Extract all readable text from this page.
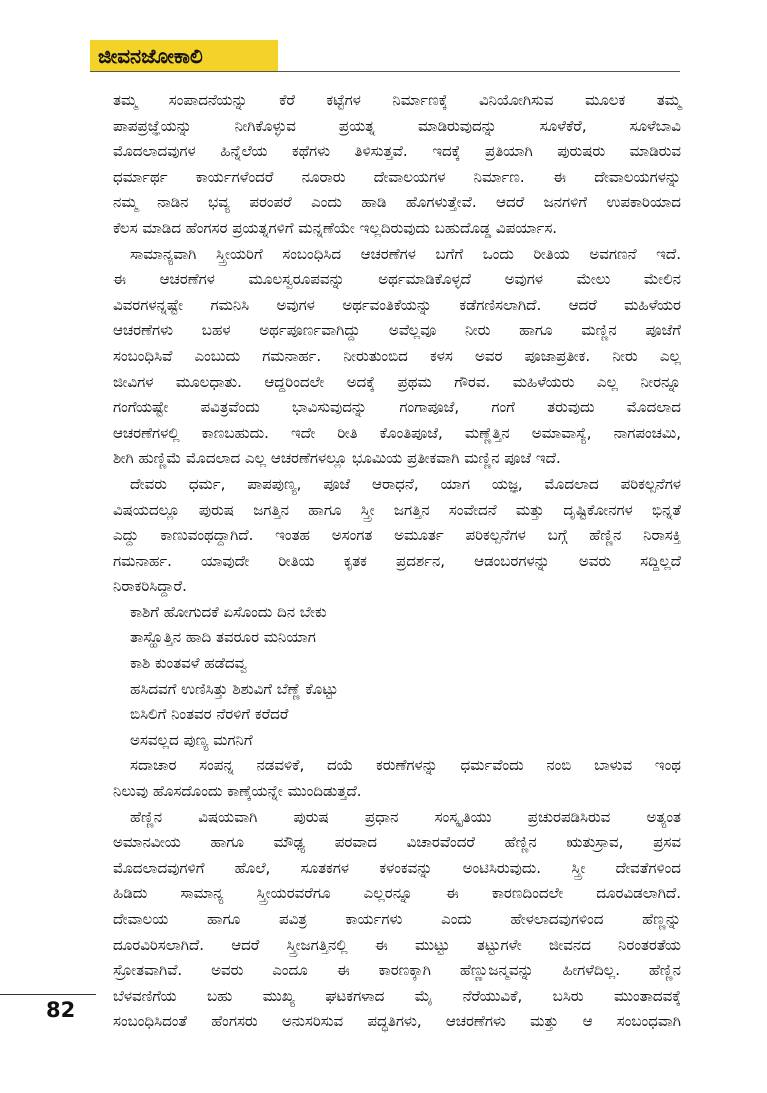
ಜೀವನಜೋಕಾಲಿ

ತಮ್ಮ ಸಂಪಾದನೆಯನ್ನು ಕೆರೆ ಕಟ್ಟೆಗಳ ನಿರ್ಮಾಣಕ್ಕೆ ವಿನಿಯೋಗಿಸುವ ಮೂಲಕ ತಮ್ಮ

ಪಾಪಪ್ರಜ್ಞೆಯನ್ನು ನೀಗಿಕೊಳ್ಳುವ ಪ್ರಯತ್ನ ಮಾಡಿರುವುದನ್ನು ಸೂಳೆಕೆರೆ, ಸೂಳೆಬಾವಿ

ಮೊದಲಾದವುಗಳ ಹಿನ್ನೆಲೆಯ ಕಥೆಗಳು ತಿಳಿಸುತ್ತವೆ. ಇದಕ್ಕೆ ಪ್ರತಿಯಾಗಿ ಪುರುಷರು ಮಾಡಿರುವ

ಧರ್ಮಾರ್ಥ ಕಾರ್ಯಗಳೆಂದರೆ ನೂರಾರು ದೇವಾಲಯಗಳ ನಿರ್ಮಾಣ. ಈ ದೇವಾಲಯಗಳನ್ನು

ನಮ್ಮ ನಾಡಿನ ಭವ್ಯ ಪರಂಪರೆ ಎಂದು ಹಾಡಿ ಹೊಗಳುತ್ತೇವೆ. ಆದರೆ ಜನಗಳಿಗೆ ಉಪಕಾರಿಯಾದ

ಕೆಲಸ ಮಾಡಿದ ಹೆಂಗಸರ ಪ್ರಯತ್ನಗಳಿಗೆ ಮನ್ನಣೆಯೇ ಇಲ್ಲದಿರುವುದು ಬಹುದೊಡ್ಡ ವಿಪರ್ಯಾಸ.

ಸಾಮಾನ್ಯವಾಗಿ ಸ್ತ್ರೀಯರಿಗೆ ಸಂಬಂಧಿಸಿದ ಆಚರಣೆಗಳ ಬಗೆಗೆ ಒಂದು ರೀತಿಯ ಅವಗಣನೆ ಇದೆ.

ಈ ಆಚರಣೆಗಳ ಮೂಲಸ್ವರೂಪವನ್ನು ಅರ್ಥಮಾಡಿಕೊಳ್ಳದೆ ಅವುಗಳ ಮೇಲು ಮೇಲಿನ

ವಿವರಗಳನ್ನಷ್ಟೇ ಗಮನಿಸಿ ಅವುಗಳ ಅರ್ಥವಂತಿಕೆಯನ್ನು ಕಡೆಗಣಿಸಲಾಗಿದೆ. ಆದರೆ ಮಹಿಳೆಯರ

ಆಚರಣೆಗಳು ಬಹಳ ಅರ್ಥಪೂರ್ಣವಾಗಿದ್ದು ಅವೆಲ್ಲವೂ ನೀರು ಹಾಗೂ ಮಣ್ಣಿನ ಪೂಜೆಗೆ

ಸಂಬಂಧಿಸಿವೆ ಎಂಬುದು ಗಮನಾರ್ಹ. ನೀರುತುಂಬಿದ ಕಳಸ ಅವರ ಪೂಜಾಪ್ರತೀಕ. ನೀರು ಎಲ್ಲ

ಜೀವಿಗಳ ಮೂಲಧಾತು. ಆದ್ದರಿಂದಲೇ ಅದಕ್ಕೆ ಪ್ರಥಮ ಗೌರವ. ಮಹಿಳೆಯರು ಎಲ್ಲ ನೀರನ್ನೂ

ಗಂಗೆಯಷ್ಟೇ ಪವಿತ್ರವೆಂದು ಭಾವಿಸುವುದನ್ನು ಗಂಗಾಪೂಜೆ, ಗಂಗೆ ತರುವುದು ಮೊದಲಾದ

ಆಚರಣೆಗಳಲ್ಲಿ ಕಾಣಬಹುದು. ಇದೇ ರೀತಿ ಕೊಂತಿಪೂಜೆ, ಮಣ್ಣೆತ್ತಿನ ಅಮಾವಾಸ್ಯೆ, ನಾಗಪಂಚಮಿ,

ಶೀಗಿ ಹುಣ್ಣಿಮೆ ಮೊದಲಾದ ಎಲ್ಲ ಆಚರಣೆಗಳಲ್ಲೂ ಭೂಮಿಯ ಪ್ರತೀಕವಾಗಿ ಮಣ್ಣಿನ ಪೂಜೆ ಇದೆ.

ದೇವರು ಧರ್ಮ, ಪಾಪಪುಣ್ಯ, ಪೂಜೆ ಆರಾಧನೆ, ಯಾಗ ಯಜ್ಞ, ಮೊದಲಾದ ಪರಿಕಲ್ಪನೆಗಳ

ವಿಷಯದಲ್ಲೂ ಪುರುಷ ಜಗತ್ತಿನ ಹಾಗೂ ಸ್ತ್ರೀ ಜಗತ್ತಿನ ಸಂವೇದನೆ ಮತ್ತು ದೃಷ್ಟಿಕೋನಗಳ ಭಿನ್ನತೆ

ಎದ್ದು ಕಾಣುವಂಥದ್ದಾಗಿದೆ. ಇಂತಹ ಅಸಂಗತ ಅಮೂರ್ತ ಪರಿಕಲ್ಪನೆಗಳ ಬಗ್ಗೆ ಹೆಣ್ಣಿನ ನಿರಾಸಕ್ತಿ

ಗಮನಾರ್ಹ. ಯಾವುದೇ ರೀತಿಯ ಕೃತಕ ಪ್ರದರ್ಶನ, ಆಡಂಬರಗಳನ್ನು ಅವರು ಸದ್ದಿಲ್ಲದೆ

ನಿರಾಕರಿಸಿದ್ದಾರೆ.

ಕಾಶಿಗೆ ಹೋಗುದಕೆ ಏಸೊಂದು ದಿನ ಬೇಕು

ತಾಸ್ಹೊತ್ತಿನ ಹಾದಿ ತವರೂರ ಮನಿಯಾಗ

ಕಾಶಿ ಕುಂತವಳೆ ಹಡೆದವ್ವ

ಹಸಿದವಗೆ ಉಣಿಸಿತ್ತು ಶಿಶುವಿಗೆ ಬೆಣ್ಣೆ ಕೊಟ್ಟು

ಬಿಸಿಲಿಗೆ ನಿಂತವರ ನೆರಳಿಗೆ ಕರೆದರೆ

ಅಸವಲ್ಲದ ಪುಣ್ಯ ಮಗನಿಗೆ

ಸದಾಚಾರ ಸಂಪನ್ನ ನಡವಳಿಕೆ, ದಯೆ ಕರುಣೆಗಳನ್ನು ಧರ್ಮವೆಂದು ನಂಬಿ ಬಾಳುವ ಇಂಥ

ನಿಲುವು ಹೊಸದೊಂದು ಕಾಣ್ಕೆಯನ್ನೇ ಮುಂದಿಡುತ್ತದೆ.

ಹೆಣ್ಣಿನ ವಿಷಯವಾಗಿ ಪುರುಷ ಪ್ರಧಾನ ಸಂಸ್ಕೃತಿಯು ಪ್ರಚುರಪಡಿಸಿರುವ ಅತ್ಯಂತ

ಅಮಾನವೀಯ ಹಾಗೂ ಮೌಢ್ಯ ಪರವಾದ ವಿಚಾರವೆಂದರೆ ಹೆಣ್ಣಿನ ಋತುಸ್ರಾವ, ಪ್ರಸವ

ಮೊದಲಾದವುಗಳಿಗೆ ಹೊಲೆ, ಸೂತಕಗಳ ಕಳಂಕವನ್ನು ಅಂಟಿಸಿರುವುದು. ಸ್ತ್ರೀ ದೇವತೆಗಳಿಂದ

ಹಿಡಿದು ಸಾಮಾನ್ಯ ಸ್ತ್ರೀಯರವರೆಗೂ ಎಲ್ಲರನ್ನೂ ಈ ಕಾರಣದಿಂದಲೇ ದೂರವಿಡಲಾಗಿದೆ.

ದೇವಾಲಯ ಹಾಗೂ ಪವಿತ್ರ ಕಾರ್ಯಗಳು ಎಂದು ಹೇಳಲಾದವುಗಳಿಂದ ಹೆಣ್ಣನ್ನು

ದೂರವಿರಿಸಲಾಗಿದೆ. ಆದರೆ ಸ್ತ್ರೀಜಗತ್ತಿನಲ್ಲಿ ಈ ಮುಟ್ಟು ತಟ್ಟುಗಳೇ ಜೀವನದ ನಿರಂತರತೆಯ

ಸ್ರೋತವಾಗಿವೆ. ಅವರು ಎಂದೂ ಈ ಕಾರಣಕ್ಕಾಗಿ ಹೆಣ್ಣುಜನ್ಮವನ್ನು ಹೀಗಳೆದಿಲ್ಲ. ಹೆಣ್ಣಿನ

ಬೆಳವಣಿಗೆಯ ಬಹು ಮುಖ್ಯ ಘಟಕಗಳಾದ ಮೈ ನೆರೆಯುವಿಕೆ, ಬಸಿರು ಮುಂತಾದವಕ್ಕೆ

ಸಂಬಂಧಿಸಿದಂತೆ ಹೆಂಗಸರು ಅನುಸರಿಸುವ ಪದ್ಧತಿಗಳು, ಆಚರಣೆಗಳು ಮತ್ತು ಆ ಸಂಬಂಧವಾಗಿ

82
